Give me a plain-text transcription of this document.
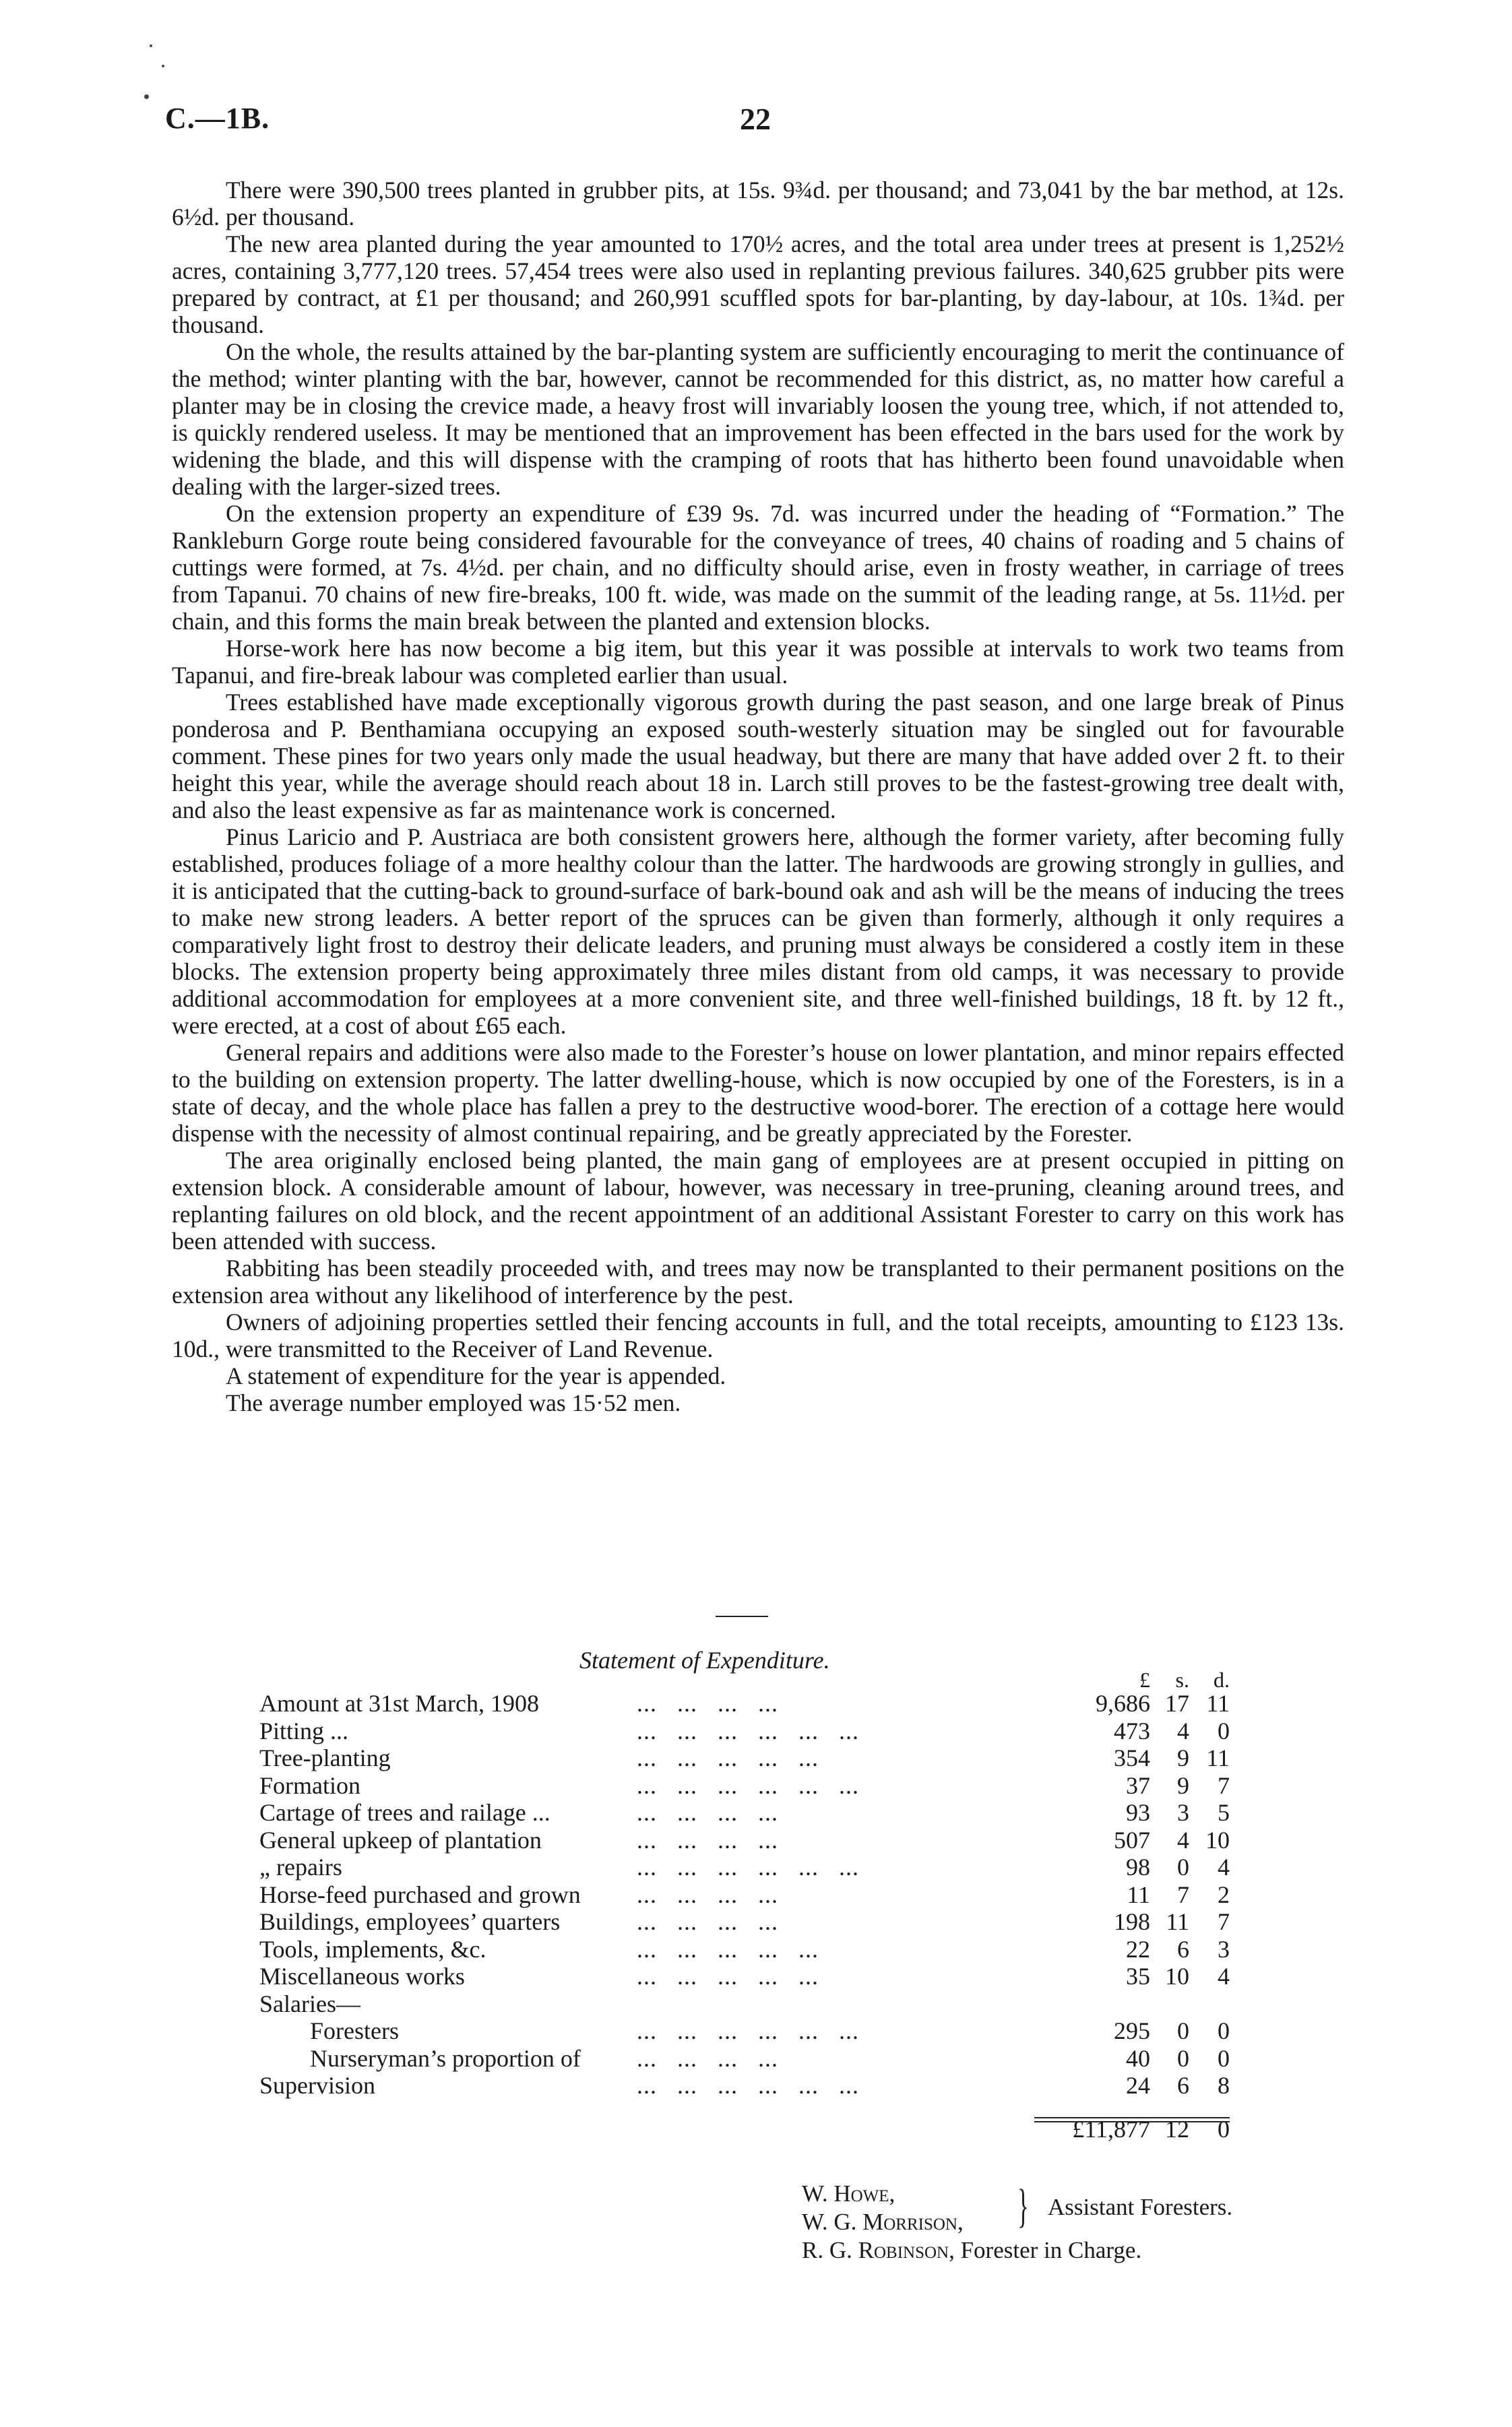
C.—1B.	22

There were 390,500 trees planted in grubber pits, at 15s. 9¾d. per thousand; and 73,041 by the bar method, at 12s. 6½d. per thousand.

The new area planted during the year amounted to 170½ acres, and the total area under trees at present is 1,252½ acres, containing 3,777,120 trees. 57,454 trees were also used in replanting previous failures. 340,625 grubber pits were prepared by contract, at £1 per thousand; and 260,991 scuffled spots for bar-planting, by day-labour, at 10s. 1¾d. per thousand.

On the whole, the results attained by the bar-planting system are sufficiently encouraging to merit the continuance of the method; winter planting with the bar, however, cannot be recommended for this district, as, no matter how careful a planter may be in closing the crevice made, a heavy frost will invariably loosen the young tree, which, if not attended to, is quickly rendered useless. It may be mentioned that an improvement has been effected in the bars used for the work by widening the blade, and this will dispense with the cramping of roots that has hitherto been found unavoidable when dealing with the larger-sized trees.

On the extension property an expenditure of £39 9s. 7d. was incurred under the heading of “Formation.” The Rankleburn Gorge route being considered favourable for the conveyance of trees, 40 chains of roading and 5 chains of cuttings were formed, at 7s. 4½d. per chain, and no difficulty should arise, even in frosty weather, in carriage of trees from Tapanui. 70 chains of new fire-breaks, 100 ft. wide, was made on the summit of the leading range, at 5s. 11½d. per chain, and this forms the main break between the planted and extension blocks.

Horse-work here has now become a big item, but this year it was possible at intervals to work two teams from Tapanui, and fire-break labour was completed earlier than usual.

Trees established have made exceptionally vigorous growth during the past season, and one large break of Pinus ponderosa and P. Benthamiana occupying an exposed south-westerly situation may be singled out for favourable comment. These pines for two years only made the usual headway, but there are many that have added over 2 ft. to their height this year, while the average should reach about 18 in. Larch still proves to be the fastest-growing tree dealt with, and also the least expensive as far as maintenance work is concerned.

Pinus Laricio and P. Austriaca are both consistent growers here, although the former variety, after becoming fully established, produces foliage of a more healthy colour than the latter. The hardwoods are growing strongly in gullies, and it is anticipated that the cutting-back to ground-surface of bark-bound oak and ash will be the means of inducing the trees to make new strong leaders. A better report of the spruces can be given than formerly, although it only requires a comparatively light frost to destroy their delicate leaders, and pruning must always be considered a costly item in these blocks. The extension property being approximately three miles distant from old camps, it was necessary to provide additional accommodation for employees at a more convenient site, and three well-finished buildings, 18 ft. by 12 ft., were erected, at a cost of about £65 each.

General repairs and additions were also made to the Forester’s house on lower plantation, and minor repairs effected to the building on extension property. The latter dwelling-house, which is now occupied by one of the Foresters, is in a state of decay, and the whole place has fallen a prey to the destructive wood-borer. The erection of a cottage here would dispense with the necessity of almost continual repairing, and be greatly appreciated by the Forester.

The area originally enclosed being planted, the main gang of employees are at present occupied in pitting on extension block. A considerable amount of labour, however, was necessary in tree-pruning, cleaning around trees, and replanting failures on old block, and the recent appointment of an additional Assistant Forester to carry on this work has been attended with success.

Rabbiting has been steadily proceeded with, and trees may now be transplanted to their permanent positions on the extension area without any likelihood of interference by the pest.

Owners of adjoining properties settled their fencing accounts in full, and the total receipts, amounting to £123 13s. 10d., were transmitted to the Receiver of Land Revenue.

A statement of expenditure for the year is appended.

The average number employed was 15·52 men.

Statement of Expenditure.
£	s.	d.
Amount at 31st March, 1908	...   ...   ...   ...	9,686 17 11
Pitting ...	...   ...   ...   ...   ...   ...	473	4	0
Tree-planting	...   ...   ...   ...   ...	354	9 11
Formation	...   ...   ...   ...   ...   ...	37	9	7
Cartage of trees and railage ...	...   ...   ...   ...	93	3	5
General upkeep of plantation	...   ...   ...   ...	507	4 10
„ repairs	...   ...   ...   ...   ...   ...	98	0	4
Horse-feed purchased and grown ...   ...   ...   ...	11	7	2
Buildings, employees’ quarters	...   ...   ...   ...	198 11	7
Tools, implements, &c.	...   ...   ...   ...   ...	22	6	3
Miscellaneous works	...   ...   ...   ...   ...	35 10	4
Salaries—
Foresters	...   ...   ...   ...   ...   ...	295	0	0
Nurseryman’s proportion of ...   ...   ...   ...	40	0	0
Supervision	...   ...   ...   ...   ...   ...	24	6	8
£11,877 12	0
W. Howe,
W. G. Morrison,
R. G. Robinson, Forester in Charge.
} Assistant Foresters.
